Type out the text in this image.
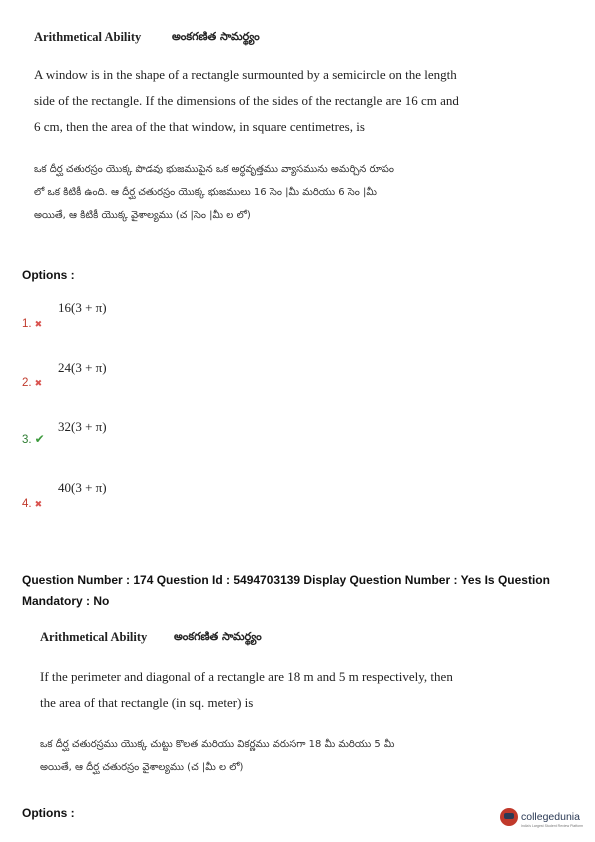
Arithmetical Ability	అంకగణిత సామర్థ్యం
A window is in the shape of a rectangle surmounted by a semicircle on the length
side of the rectangle. If the dimensions of the sides of the rectangle are 16 cm and
6 cm, then the area of the that window, in square centimetres, is
ఒక దీర్ఘ చతురస్రం యొక్క పొడవు భుజముపైన ఒక అర్ధవృత్తము వ్యాసమును అమర్చిన రూపం
లో ఒక కిటికీ ఉంది. ఆ దీర్ఘ చతురస్రం యొక్క భుజములు 16 సెం |మీ మరియు 6 సెం |మీ
అయితే, ఆ కిటికీ యొక్క వైశాల్యము (చ |సెం |మీ ల లో)
Options :
16(3 + π)
1. ✖
24(3 + π)
2. ✖
32(3 + π)
3. ✔
40(3 + π)
4. ✖
Question Number : 174 Question Id : 5494703139 Display Question Number : Yes Is Question
Mandatory : No
Arithmetical Ability అంకగణిత సామర్థ్యం
If the perimeter and diagonal of a rectangle are 18 m and 5 m respectively, then
the area of that rectangle (in sq. meter) is
ఒక దీర్ఘ చతురస్రము యొక్క చుట్టు కొలత మరియు వికర్ణము వరుసగా 18 మీ మరియు 5 మీ
అయితే, ఆ దీర్ఘ చతురస్రం వైశాల్యము (చ |మీ ల లో)
Options :	collegedunia
India's Largest Student Review Platform
